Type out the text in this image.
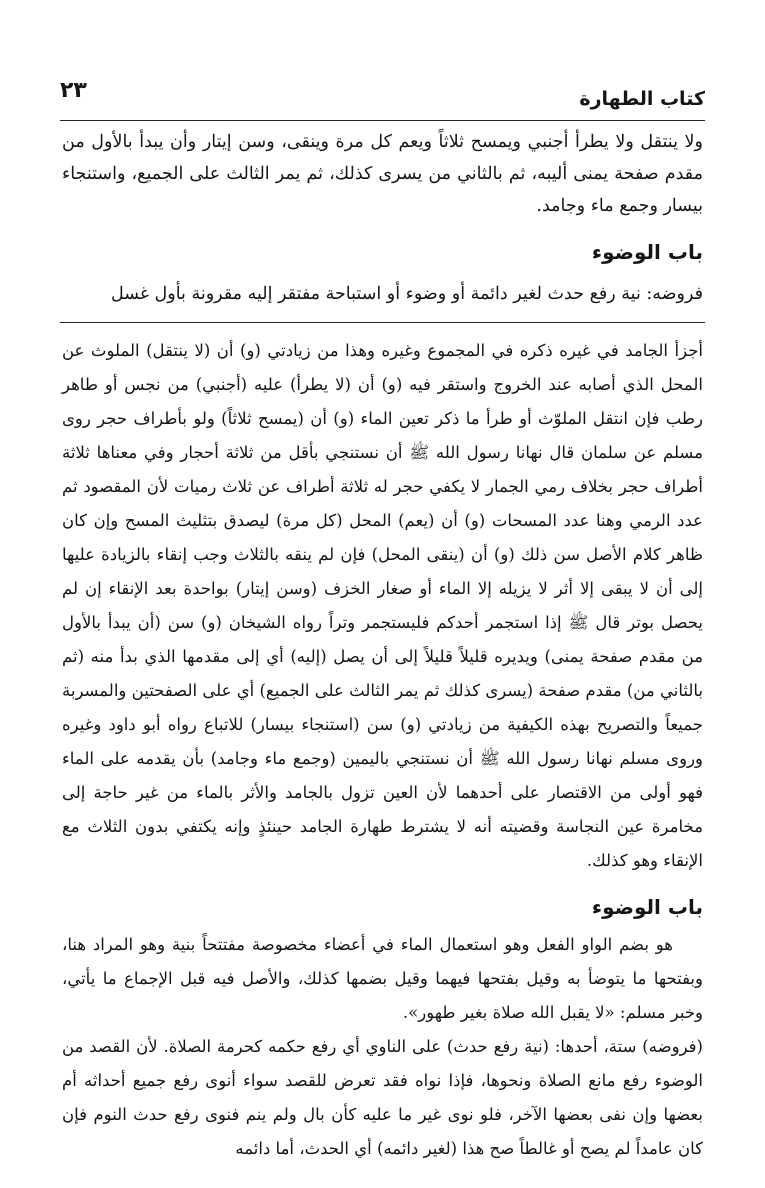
٢٣	كتاب الطهارة

ولا ينتقل ولا يطرأ أجنبي ويمسح ثلاثاً ويعم كل مرة وينقى، وسن إيتار وأن يبدأ بالأول من مقدم صفحة يمنى أليبه، ثم بالثاني من يسرى كذلك، ثم يمر الثالث على الجميع، واستنجاء بيسار وجمع ماء وجامد.

باب الوضوء

فروضه: نية رفع حدث لغير دائمة أو وضوء أو استباحة مفتقر إليه مقرونة بأول غسل

أجزأ الجامد في غيره ذكره في المجموع وغيره وهذا من زيادتي (و) أن (لا ينتقل) الملوث عن المحل الذي أصابه عند الخروج واستقر فيه (و) أن (لا يطرأ) عليه (أجنبي) من نجس أو طاهر رطب فإن انتقل الملوّث أو طرأ ما ذكر تعين الماء (و) أن (يمسح ثلاثاً) ولو بأطراف حجر روى مسلم عن سلمان قال نهانا رسول الله ﷺ أن نستنجي بأقل من ثلاثة أحجار وفي معناها ثلاثة أطراف حجر بخلاف رمي الجمار لا يكفي حجر له ثلاثة أطراف عن ثلاث رميات لأن المقصود ثم عدد الرمي وهنا عدد المسحات (و) أن (يعم) المحل (كل مرة) ليصدق بتثليث المسح وإن كان ظاهر كلام الأصل سن ذلك (و) أن (ينقى المحل) فإن لم ينقه بالثلاث وجب إنقاء بالزيادة عليها إلى أن لا يبقى إلا أثر لا يزيله إلا الماء أو صغار الخزف (وسن إيتار) بواحدة بعد الإنقاء إن لم يحصل بوتر قال ﷺ إذا استجمر أحدكم فليستجمر وتراً رواه الشيخان (و) سن (أن يبدأ بالأول من مقدم صفحة يمنى) ويديره قليلاً قليلاً إلى أن يصل (إليه) أي إلى مقدمها الذي بدأ منه (ثم بالثاني من) مقدم صفحة (يسرى كذلك ثم يمر الثالث على الجميع) أي على الصفحتين والمسربة جميعاً والتصريح بهذه الكيفية من زيادتي (و) سن (استنجاء بيسار) للاتباع رواه أبو داود وغيره وروى مسلم نهانا رسول الله ﷺ أن نستنجي باليمين (وجمع ماء وجامد) بأن يقدمه على الماء فهو أولى من الاقتصار على أحدهما لأن العين تزول بالجامد والأثر بالماء من غير حاجة إلى مخامرة عين النجاسة وقضيته أنه لا يشترط طهارة الجامد حينئذٍ وإنه يكتفي بدون الثلاث مع الإنقاء وهو كذلك.

باب الوضوء

هو بضم الواو الفعل وهو استعمال الماء في أعضاء مخصوصة مفتتحاً بنية وهو المراد هنا، وبفتحها ما يتوضأ به وقيل بفتحها فيهما وقيل بضمها كذلك، والأصل فيه قبل الإجماع ما يأتي، وخبر مسلم: «لا يقبل الله صلاة بغير طهور».

(فروضه) ستة، أحدها: (نية رفع حدث) على الناوي أي رفع حكمه كحرمة الصلاة. لأن القصد من الوضوء رفع مانع الصلاة ونحوها، فإذا نواه فقد تعرض للقصد سواء أنوى رفع جميع أحداثه أم بعضها وإن نفى بعضها الآخر، فلو نوى غير ما عليه كأن بال ولم ينم فنوى رفع حدث النوم فإن كان عامداً لم يصح أو غالطاً صح هذا (لغير دائمه) أي الحدث، أما دائمه
